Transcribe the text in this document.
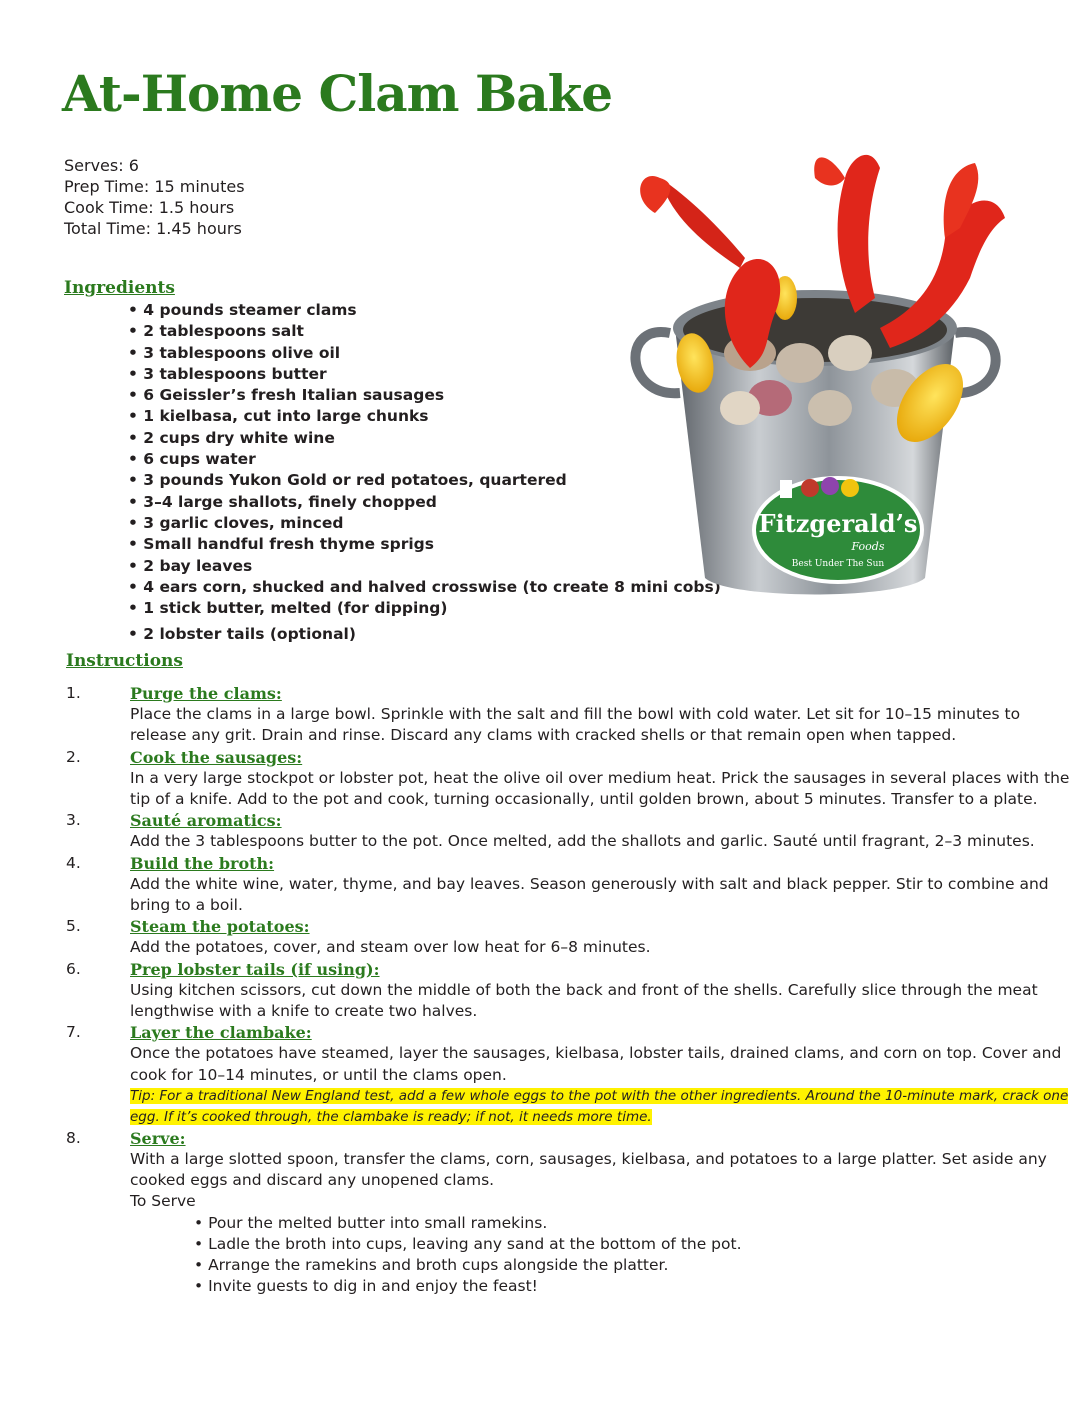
At-Home Clam Bake
Serves: 6
Prep Time: 15 minutes
Cook Time: 1.5 hours
Total Time: 1.45 hours
Ingredients
• 4 pounds steamer clams
• 2 tablespoons salt
• 3 tablespoons olive oil
• 3 tablespoons butter
• 6 Geissler’s fresh Italian sausages
• 1 kielbasa, cut into large chunks
• 2 cups dry white wine
• 6 cups water
• 3 pounds Yukon Gold or red potatoes, quartered
• 3–4 large shallots, finely chopped
• 3 garlic cloves, minced
• Small handful fresh thyme sprigs
• 2 bay leaves
• 4 ears corn, shucked and halved crosswise (to create 8 mini cobs)
• 1 stick butter, melted (for dipping)
• 2 lobster tails (optional)
Instructions
1.	Purge the clams:
Place the clams in a large bowl. Sprinkle with the salt and fill the bowl with cold water. Let sit for 10–15 minutes to release any grit. Drain and rinse. Discard any clams with cracked shells or that remain open when tapped.
2.	Cook the sausages:
In a very large stockpot or lobster pot, heat the olive oil over medium heat. Prick the sausages in several places with the tip of a knife. Add to the pot and cook, turning occasionally, until golden brown, about 5 minutes. Transfer to a plate.
3.	Sauté aromatics:
Add the 3 tablespoons butter to the pot. Once melted, add the shallots and garlic. Sauté until fragrant, 2–3 minutes.
4.	Build the broth:
Add the white wine, water, thyme, and bay leaves. Season generously with salt and black pepper. Stir to combine and bring to a boil.
5.	Steam the potatoes:
Add the potatoes, cover, and steam over low heat for 6–8 minutes.
6.	Prep lobster tails (if using):
Using kitchen scissors, cut down the middle of both the back and front of the shells. Carefully slice through the meat lengthwise with a knife to create two halves.
7.	Layer the clambake:
Once the potatoes have steamed, layer the sausages, kielbasa, lobster tails, drained clams, and corn on top. Cover and cook for 10–14 minutes, or until the clams open.
Tip: For a traditional New England test, add a few whole eggs to the pot with the other ingredients. Around the 10-minute mark, crack one egg. If it’s cooked through, the clambake is ready; if not, it needs more time.
8.	Serve:
With a large slotted spoon, transfer the clams, corn, sausages, kielbasa, and potatoes to a large platter. Set aside any cooked eggs and discard any unopened clams.
To Serve
• Pour the melted butter into small ramekins.
• Ladle the broth into cups, leaving any sand at the bottom of the pot.
• Arrange the ramekins and broth cups alongside the platter.
• Invite guests to dig in and enjoy the feast!
Fitzgerald’s
Foods
Best Under The Sun
